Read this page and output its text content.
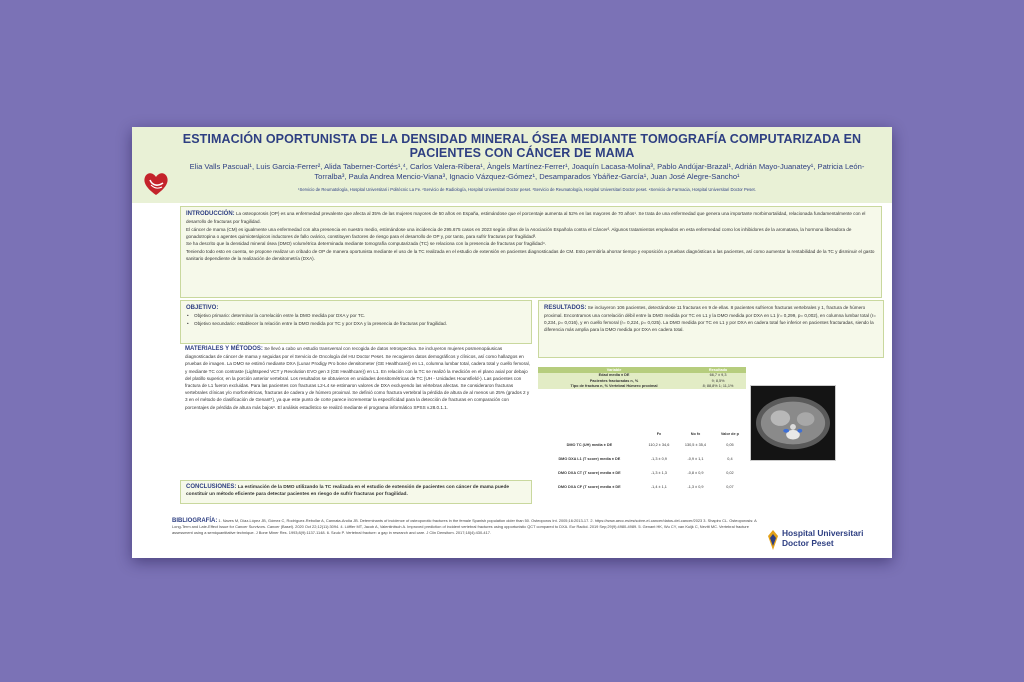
ESTIMACIÓN OPORTUNISTA DE LA DENSIDAD MINERAL ÓSEA MEDIANTE TOMOGRAFÍA COMPUTARIZADA EN PACIENTES CON CÁNCER DE MAMA
Elia Valls Pascual¹, Luis Garcia-Ferrer², Alida Taberner-Cortés¹,⁴, Carlos Valera-Ribera¹, Àngels Martínez-Ferrer¹, Joaquín Lacasa-Molina³, Pablo Andújar-Brazal¹, Adrián Mayo-Juanatey¹, Patricia León-Torralba³, Paula Andrea Mencio-Viana³, Ignacio Vázquez-Gómez¹, Desamparados Ybáñez-García¹, Juan José Alegre-Sancho¹
¹Servicio de Reumatología, Hospital Universitari i Politècnic La Fe. ²Servicio de Radiología, Hospital Universitari Doctor peset. ³Servicio de Reumatología, Hospital Universitari Doctor peset. ⁴Servicio de Farmacia, Hospital Universitari Doctor Peset.

INTRODUCCIÓN: La osteoporosis (OP) es una enfermedad prevalente que afecta al 35% de las mujeres mayores de 50 años en España, estimándose que el porcentaje aumenta al 52% en las mayores de 70 años¹. Se trata de una enfermedad que genera una importante morbimortalidad, relacionada fundamentalmente con el desarrollo de fracturas por fragilidad.

El cáncer de mama (CM) es igualmente una enfermedad con alta presencia en nuestro medio, estimándose una incidencia de 295.675 casos en 2023 según cifras de la Asociación Española contra el Cáncer². Algunos tratamientos empleados en esta enfermedad como los inhibidores de la aromatasa, la hormona liberadora de gonadotropina o agentes quimioterápicos inductores de fallo ovárico, constituyen factores de riesgo para el desarrollo de OP y, por tanto, para sufrir fracturas por fragilidad³.

Se ha descrito que la densidad mineral ósea (DMO) volumétrica determinada mediante tomografía computarizada (TC) se relaciona con la presencia de fracturas por fragilidad⁴.

Teniendo todo esto en cuenta, se propone realizar un cribado de OP de manera oportunista mediante el uso de la TC realizada en el estudio de extensión en pacientes diagnosticadas de CM. Esto permitiría ahorrar tiempo y exposición a pruebas diagnósticas a las pacientes, así como aumentar la rentabilidad de la TC y disminuir el gasto sanitario dependiente de la realización de densitometría (DXA).

OBJETIVO:
• Objetivo primario: determinar la correlación entre la DMO medida por DXA y por TC.
• Objetivo secundario: establecer la relación entre la DMO medida por TC y por DXA y la presencia de fracturas por fragilidad.

MATERIALES Y MÉTODOS: Se llevó a cabo un estudio transversal con recogida de datos retrospectiva. Se incluyeron mujeres posmenopáusicas diagnosticadas de cáncer de mama y seguidas por el Servicio de Oncología del HU Doctor Peset. Se recogieron datos demográficos y clínicos, así como hallazgos en pruebas de imagen. La DMO se estimó mediante DXA (Lunar Prodigy Pro bone densitometer (GE Healthcare)) en L1, columna lumbar total, cadera total y cuello femoral, y mediante TC con contraste (Lightspeed VCT y Revolution EVO gen 3 (GE Healthcare)) en L1. En relación con la TC se realizó la medición en el plano axial por debajo del platillo superior, en la porción anterior vertebral. Los resultados se obtuvieron en unidades densitométricas de TC (UH - Unidades Hounsfield-). Las pacientes con fractura de L1 fueron excluidas. Para las pacientes con fracturas L2-L4 se estimaron valores de DXA excluyendo las vértebras afectas. Se consideraron fracturas vertebrales clínicas y/o morfométricas, fracturas de cadera y de húmero proximal. Se definió como fractura vertebral la pérdida de altura de al menos un 25% (grados 2 y 3 en el método de clasificación de Genant⁵), ya que este punto de corte parece incrementar la especificidad para la detección de fracturas en comparación con porcentajes de pérdida de altura más bajos⁶. El análisis estadístico se realizó mediante el programa informático SPSS v.28.0.1.1.

CONCLUSIONES: La estimación de la DMO utilizando la TC realizada en el estudio de extensión de pacientes con cáncer de mama puede constituir un método eficiente para detectar pacientes en riesgo de sufrir fracturas por fragilidad.

RESULTADOS: Se incluyeron 106 pacientes, detectándose 11 fracturas en 9 de ellas. 8 pacientes sufrieron fracturas vertebrales y 1, fractura de húmero proximal. Encontramos una correlación débil entre la DMO medida por TC en L1 y la DMO medida por DXA en L1 (r= 0,299, p= 0,002), en columna lumbar total (r= 0,234, p= 0,016), y en cuello femoral (r= 0,224, p= 0,025). La DMO medida por TC en L1 y por DXA en cadera total fue inferior en pacientes fracturadas, siendo la diferencia más amplia para la DMO medida por DXA en cadera total.

Variable	Resultado
Edad media ± DE	66,7 ± 9,3
Pacientes fracturadas n, %	9; 8,5%
Tipo de fractura n, % Vertebral Húmero proximal	8; 88,8% 1; 11,1%
	Fx	No fx	Valor de p
DMO TC (UH) media ± DE	110,2 ± 34,6	130,5 ± 35,4	0,05
DMO DXA L1 (T score) media ± DE	-1,3 ± 0,9	-0,9 ± 1,1	0,4
DMO DXA CT (T score) media ± DE	-1,3 ± 1,3	-0,8 ± 0,9	0,02
DMO DXA CF (T score) media ± DE	-1,4 ± 1,1	-1,3 ± 0,9	0,07

BIBLIOGRAFÍA: 1. Naves M, Díaz-López JB, Gómez C, Rodríguez-Rebollar A, Cannata-Andía JB. Determinants of incidence of osteoporotic fractures in the female Spanish population older than 50. Osteoporos Int. 2005;16:2013-17. 2. https://www.aecc.es/es/sobre-el-cancer/datos-del-cancer/2023 3. Shapiro CL. Osteoporosis: A Long-Term and Late-Effect Issue for Cancer Survivors. Cancer (Basel). 2020 Oct 22;12(11):3094. 4. Löffler MT, Jacob A, Valentinitsch A. Improved prediction of incident vertebral fractures using opportunistic QCT compared to DXA. Eur Radiol. 2019 Sep;29(9):4980-4989. 5. Genant HK, Wu CY, van Kuijk C, Nevitt MC. Vertebral fracture assessment using a semiquantitative technique. J Bone Miner Res. 1993;8(9):1137-1148. 6. Szulc P. Vertebral fracture: a gap in research and care. J Clin Densitom. 2017;18(4):430-417.	Hospital Universitari
Doctor Peset
